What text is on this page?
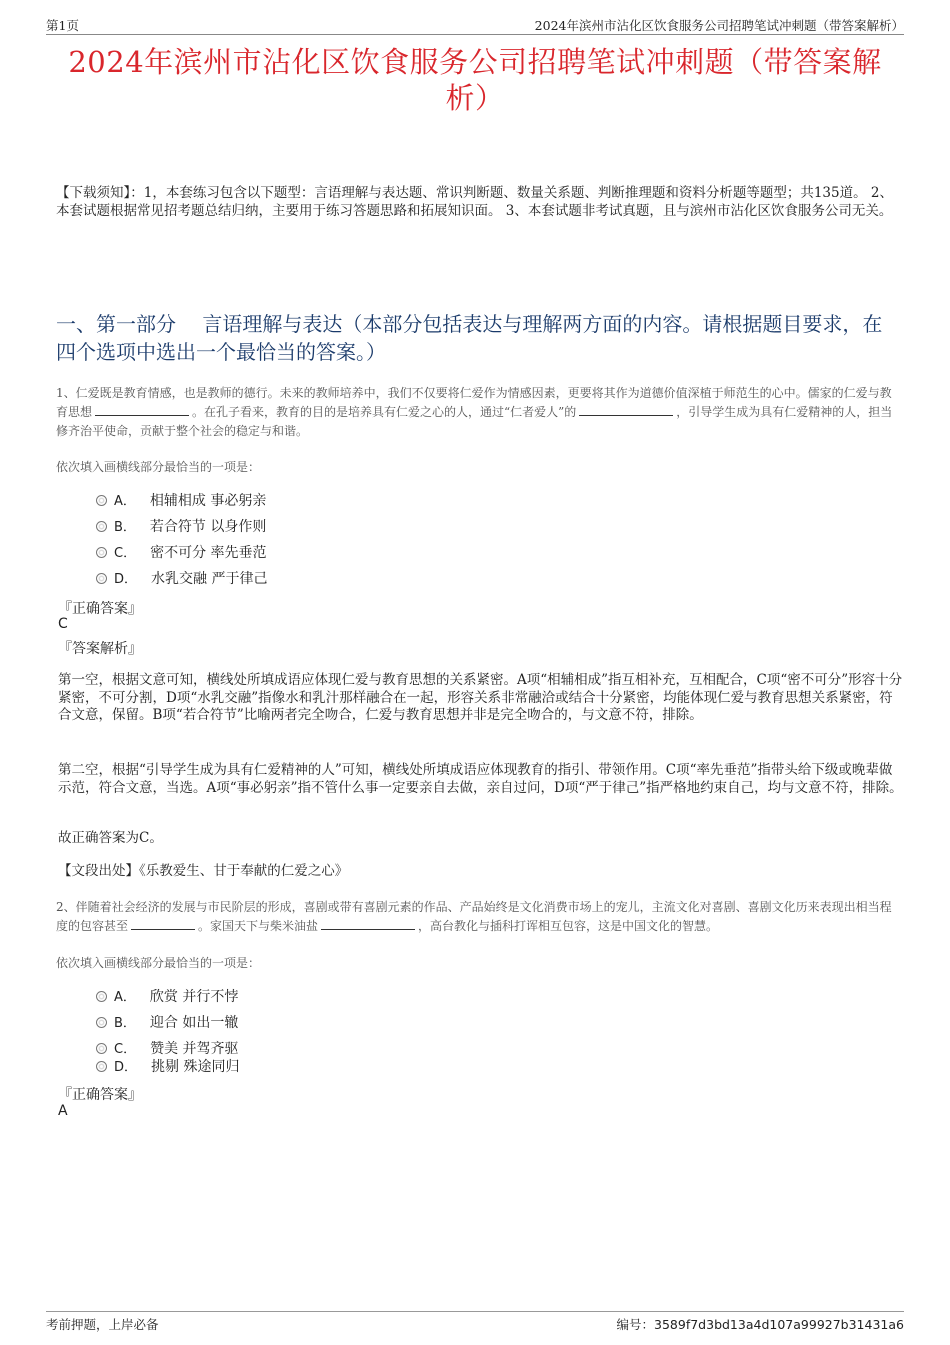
第1页	2024年滨州市沾化区饮食服务公司招聘笔试冲刺题（带答案解析）
2024年滨州市沾化区饮食服务公司招聘笔试冲刺题（带答案解析）
【下载须知】：1，本套练习包含以下题型：言语理解与表达题、常识判断题、数量关系题、判断推理题和资料分析题等题型；共135道。 2、本套试题根据常见招考题总结归纳，主要用于练习答题思路和拓展知识面。 3、本套试题非考试真题，且与滨州市沾化区饮食服务公司无关。
一、第一部分　 言语理解与表达（本部分包括表达与理解两方面的内容。请根据题目要求，在四个选项中选出一个最恰当的答案。）
1、仁爱既是教育情感，也是教师的德行。未来的教师培养中，我们不仅要将仁爱作为情感因素，更要将其作为道德价值深植于师范生的心中。儒家的仁爱与教育思想	。在孔子看来，教育的目的是培养具有仁爱之心的人，通过“仁者爱人”的	，引导学生成为具有仁爱精神的人，担当修齐治平使命，贡献于整个社会的稳定与和谐。
依次填入画横线部分最恰当的一项是：
A． 相辅相成 事必躬亲
B． 若合符节 以身作则
C． 密不可分 率先垂范
D． 水乳交融 严于律己
『正确答案』
C
『答案解析』
第一空，根据文意可知，横线处所填成语应体现仁爱与教育思想的关系紧密。A项“相辅相成”指互相补充，互相配合，C项“密不可分”形容十分紧密，不可分割，D项“水乳交融”指像水和乳汁那样融合在一起，形容关系非常融洽或结合十分紧密，均能体现仁爱与教育思想关系紧密，符合文意，保留。B项“若合符节”比喻两者完全吻合，仁爱与教育思想并非是完全吻合的，与文意不符，排除。
第二空，根据“引导学生成为具有仁爱精神的人”可知，横线处所填成语应体现教育的指引、带领作用。C项“率先垂范”指带头给下级或晚辈做示范，符合文意，当选。A项“事必躬亲”指不管什么事一定要亲自去做，亲自过问，D项“严于律己”指严格地约束自己，均与文意不符，排除。
故正确答案为C。
【文段出处】《乐教爱生、甘于奉献的仁爱之心》
2、伴随着社会经济的发展与市民阶层的形成，喜剧或带有喜剧元素的作品、产品始终是文化消费市场上的宠儿，主流文化对喜剧、喜剧文化历来表现出相当程度的包容甚至	。家国天下与柴米油盐	，高台教化与插科打诨相互包容，这是中国文化的智慧。
依次填入画横线部分最恰当的一项是：
A． 欣赏 并行不悖
B． 迎合 如出一辙
C． 赞美 并驾齐驱
D． 挑剔 殊途同归
『正确答案』
A
考前押题，上岸必备	编号：3589f7d3bd13a4d107a99927b31431a6
